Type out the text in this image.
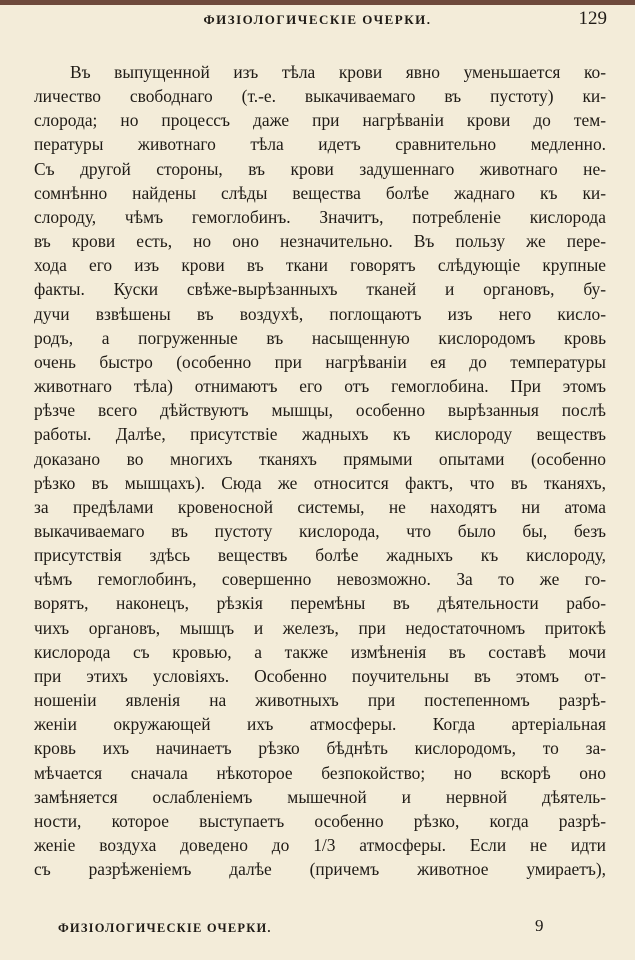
ФИЗIОЛОГИЧЕСКIЕ ОЧЕРКИ.	129
Въ выпущенной изъ тѣла крови явно уменьшается ко-
личество свободнаго (т.-е. выкачиваемаго въ пустоту) ки-
слорода; но процессъ даже при нагрѣванiи крови до тем-
пературы животнаго тѣла идетъ сравнительно медленно.
Съ другой стороны, въ крови задушеннаго животнаго не-
сомнѣнно найдены слѣды вещества болѣе жаднаго къ ки-
слороду, чѣмъ гемоглобинъ. Значитъ, потребленiе кислорода
въ крови есть, но оно незначительно. Въ пользу же пере-
хода его изъ крови въ ткани говорятъ слѣдующiе крупные
факты. Куски свѣже-вырѣзанныхъ тканей и органовъ, бу-
дучи взвѣшены въ воздухѣ, поглощаютъ изъ него кисло-
родъ, а погруженные въ насыщенную кислородомъ кровь
очень быстро (особенно при нагрѣванiи ея до температуры
животнаго тѣла) отнимаютъ его отъ гемоглобина. При этомъ
рѣзче всего дѣйствуютъ мышцы, особенно вырѣзанныя послѣ
работы. Далѣе, присутствiе жадныхъ къ кислороду веществъ
доказано во многихъ тканяхъ прямыми опытами (особенно
рѣзко въ мышцахъ). Сюда же относится фактъ, что въ тканяхъ,
за предѣлами кровеносной системы, не находятъ ни атома
выкачиваемаго въ пустоту кислорода, что было бы, безъ
присутствiя здѣсь веществъ болѣе жадныхъ къ кислороду,
чѣмъ гемоглобинъ, совершенно невозможно. За то же го-
ворятъ, наконецъ, рѣзкiя перемѣны въ дѣятельности рабо-
чихъ органовъ, мышцъ и железъ, при недостаточномъ притокѣ
кислорода съ кровью, а также измѣненiя въ составѣ мочи
при этихъ условiяхъ. Особенно поучительны въ этомъ от-
ношенiи явленiя на животныхъ при постепенномъ разрѣ-
женiи окружающей ихъ атмосферы. Когда артерiальная
кровь ихъ начинаетъ рѣзко бѣднѣть кислородомъ, то за-
мѣчается сначала нѣкоторое безпокойство; но вскорѣ оно
замѣняется ослабленiемъ мышечной и нервной дѣятель-
ности, которое выступаетъ особенно рѣзко, когда разрѣ-
женiе воздуха доведено до 1/3 атмосферы. Если не идти
съ разрѣженiемъ далѣе (причемъ животное умираетъ),
ФИЗIОЛОГИЧЕСКIЕ ОЧЕРКИ.	9
